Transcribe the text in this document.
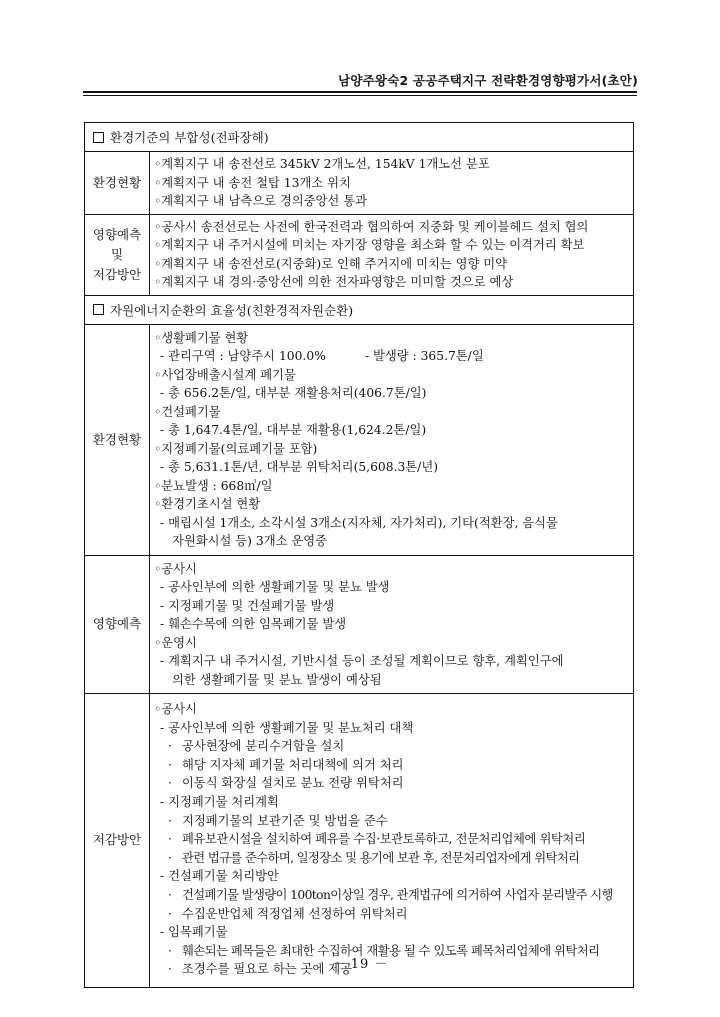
남양주왕숙2 공공주택지구 전략환경영향평가서(초안)
환경기준의 부합성(전파장해)
환경현황
◦계획지구 내 송전선로 345kV 2개노선, 154kV 1개노선 분포
◦계획지구 내 송전 철탑 13개소 위치
◦계획지구 내 남측으로 경의중앙선 통과
영향예측
및
저감방안
◦공사시 송전선로는 사전에 한국전력과 협의하여 지중화 및 케이블헤드 설치 협의
◦계획지구 내 주거시설에 미치는 자기장 영향을 최소화 할 수 있는 이격거리 확보
◦계획지구 내 송전선로(지중화)로 인해 주거지에 미치는 영향 미약
◦계획지구 내 경의·중앙선에 의한 전자파영향은 미미할 것으로 예상
자원에너지순환의 효율성(친환경적자원순환)
환경현황
◦생활폐기물 현황
- 관리구역 : 남양주시 100.0%          - 발생량 : 365.7톤/일
◦사업장배출시설계 폐기물
- 총 656.2톤/일, 대부분 재활용처리(406.7톤/일)
◦건설폐기물
- 총 1,647.4톤/일, 대부분 재활용(1,624.2톤/일)
◦지정폐기물(의료폐기물 포함)
- 총 5,631.1톤/년, 대부분 위탁처리(5,608.3톤/년)
◦분뇨발생 : 668㎥/일
◦환경기초시설 현황
- 매립시설 1개소, 소각시설 3개소(지자체, 자가처리), 기타(적환장, 음식물
자원화시설 등) 3개소 운영중
영향예측
◦공사시
- 공사인부에 의한 생활폐기물 및 분뇨 발생
- 지정폐기물 및 건설폐기물 발생
- 훼손수목에 의한 임목폐기물 발생
◦운영시
- 계획지구 내 주거시설, 기반시설 등이 조성될 계획이므로 향후, 계획인구에
의한 생활폐기물 및 분뇨 발생이 예상됨
저감방안
◦공사시
- 공사인부에 의한 생활폐기물 및 분뇨처리 대책
· 공사현장에 분리수거함을 설치
· 해당 지자체 폐기물 처리대책에 의거 처리
· 이동식 화장실 설치로 분뇨 전량 위탁처리
- 지정폐기물 처리계획
· 지정폐기물의 보관기준 및 방법을 준수
· 폐유보관시설을 설치하여 폐유를 수집·보관토록하고, 전문처리업체에 위탁처리
· 관련 법규를 준수하며, 일정장소 및 용기에 보관 후, 전문처리업자에게 위탁처리
- 건설폐기물 처리방안
· 건설폐기물 발생량이 100ton이상일 경우, 관계법규에 의거하여 사업자 분리발주 시행
· 수집운반업체 적정업체 선정하여 위탁처리
- 임목폐기물
· 훼손되는 폐목들은 최대한 수집하여 재활용 될 수 있도록 폐목처리업체에 위탁처리
· 조경수를 필요로 하는 곳에 제공
－ 19 －
